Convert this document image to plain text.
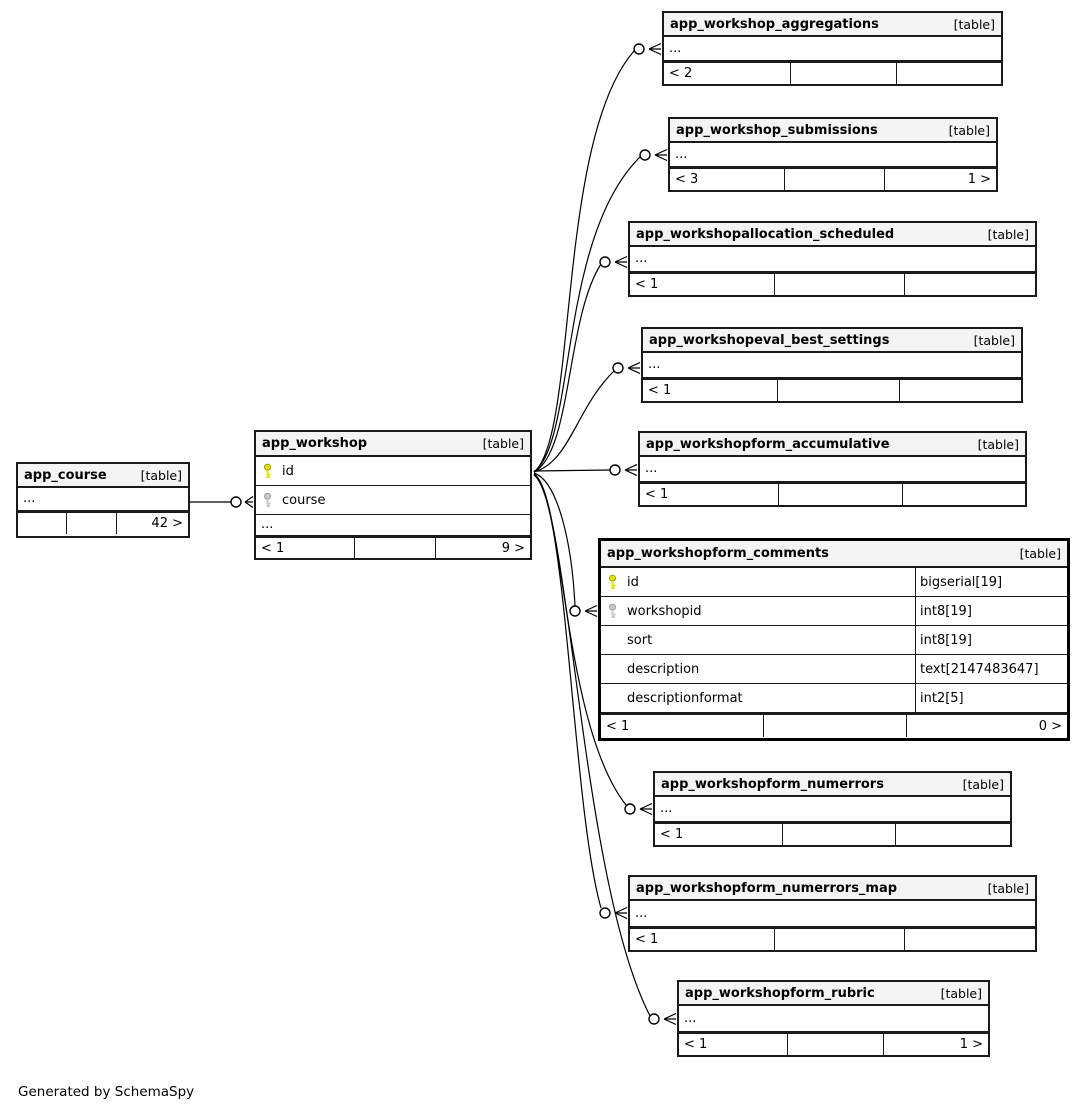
app_course	[table]
...
42 >
app_workshop	[table]
id
course
...
< 1	9 >
app_workshop_aggregations	[table]
...
< 2
app_workshop_submissions	[table]
...
< 3	1 >
app_workshopallocation_scheduled	[table]
...
< 1
app_workshopeval_best_settings	[table]
...
< 1
app_workshopform_accumulative	[table]
...
< 1
app_workshopform_comments	[table]
id	bigserial[19]
workshopid	int8[19]
sort	int8[19]
description	text[2147483647]
descriptionformat	int2[5]
< 1	0 >
app_workshopform_numerrors	[table]
...
< 1
app_workshopform_numerrors_map	[table]
...
< 1
app_workshopform_rubric	[table]
...
< 1	1 >
Generated by SchemaSpy
